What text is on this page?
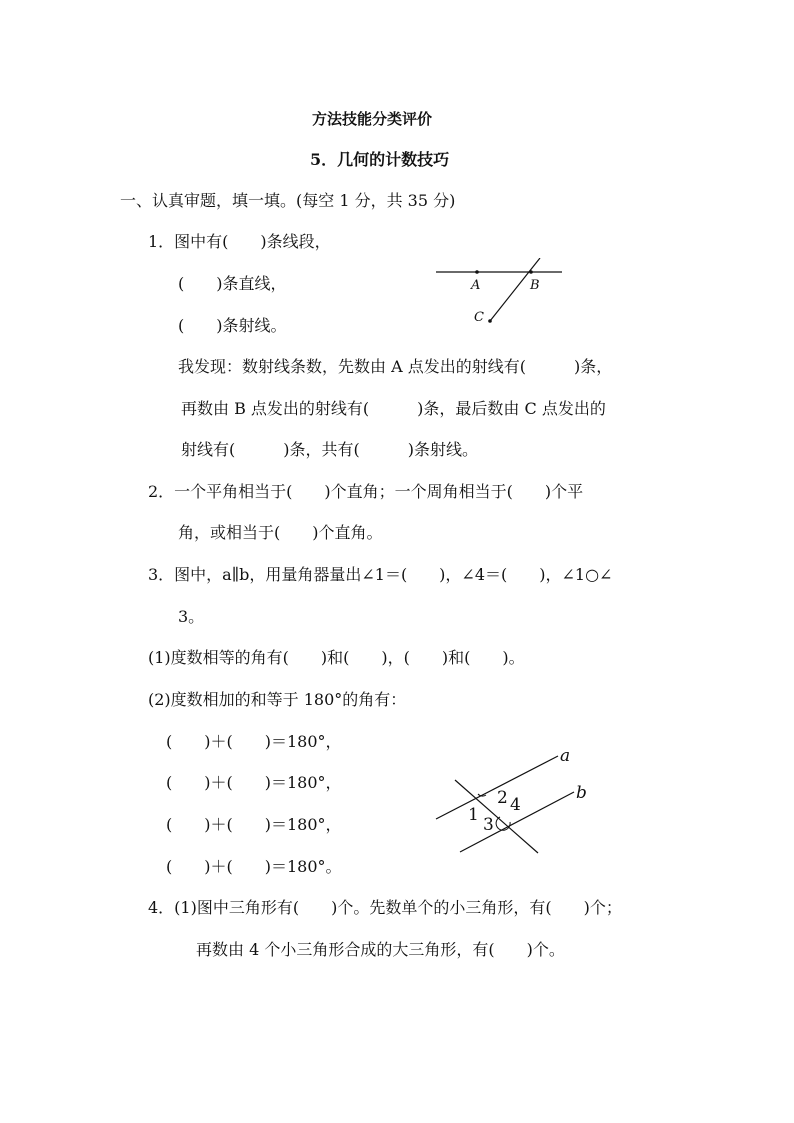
方法技能分类评价
5．几何的计数技巧
一、认真审题，填一填。(每空 1 分，共 35 分)
1．图中有(　　)条线段，
(　　)条直线，
(　　)条射线。
我发现：数射线条数，先数由 A 点发出的射线有(　　　)条，
再数由 B 点发出的射线有(　　　)条，最后数由 C 点发出的
射线有(　　　)条，共有(　　　)条射线。
A	B
C
2．一个平角相当于(　　)个直角；一个周角相当于(　　)个平
角，或相当于(　　)个直角。
3．图中，a∥b，用量角器量出∠1＝(　　)，∠4＝(　　)，∠1○∠
3。
(1)度数相等的角有(　　)和(　　)，(　　)和(　　)。
(2)度数相加的和等于 180°的角有：
(　　)＋(　　)＝180°，
(　　)＋(　　)＝180°，
(　　)＋(　　)＝180°，
(　　)＋(　　)＝180°。
a
b
1
2
3
4
4．(1)图中三角形有(　　)个。先数单个的小三角形，有(　　)个；
再数由 4 个小三角形合成的大三角形，有(　　)个。
